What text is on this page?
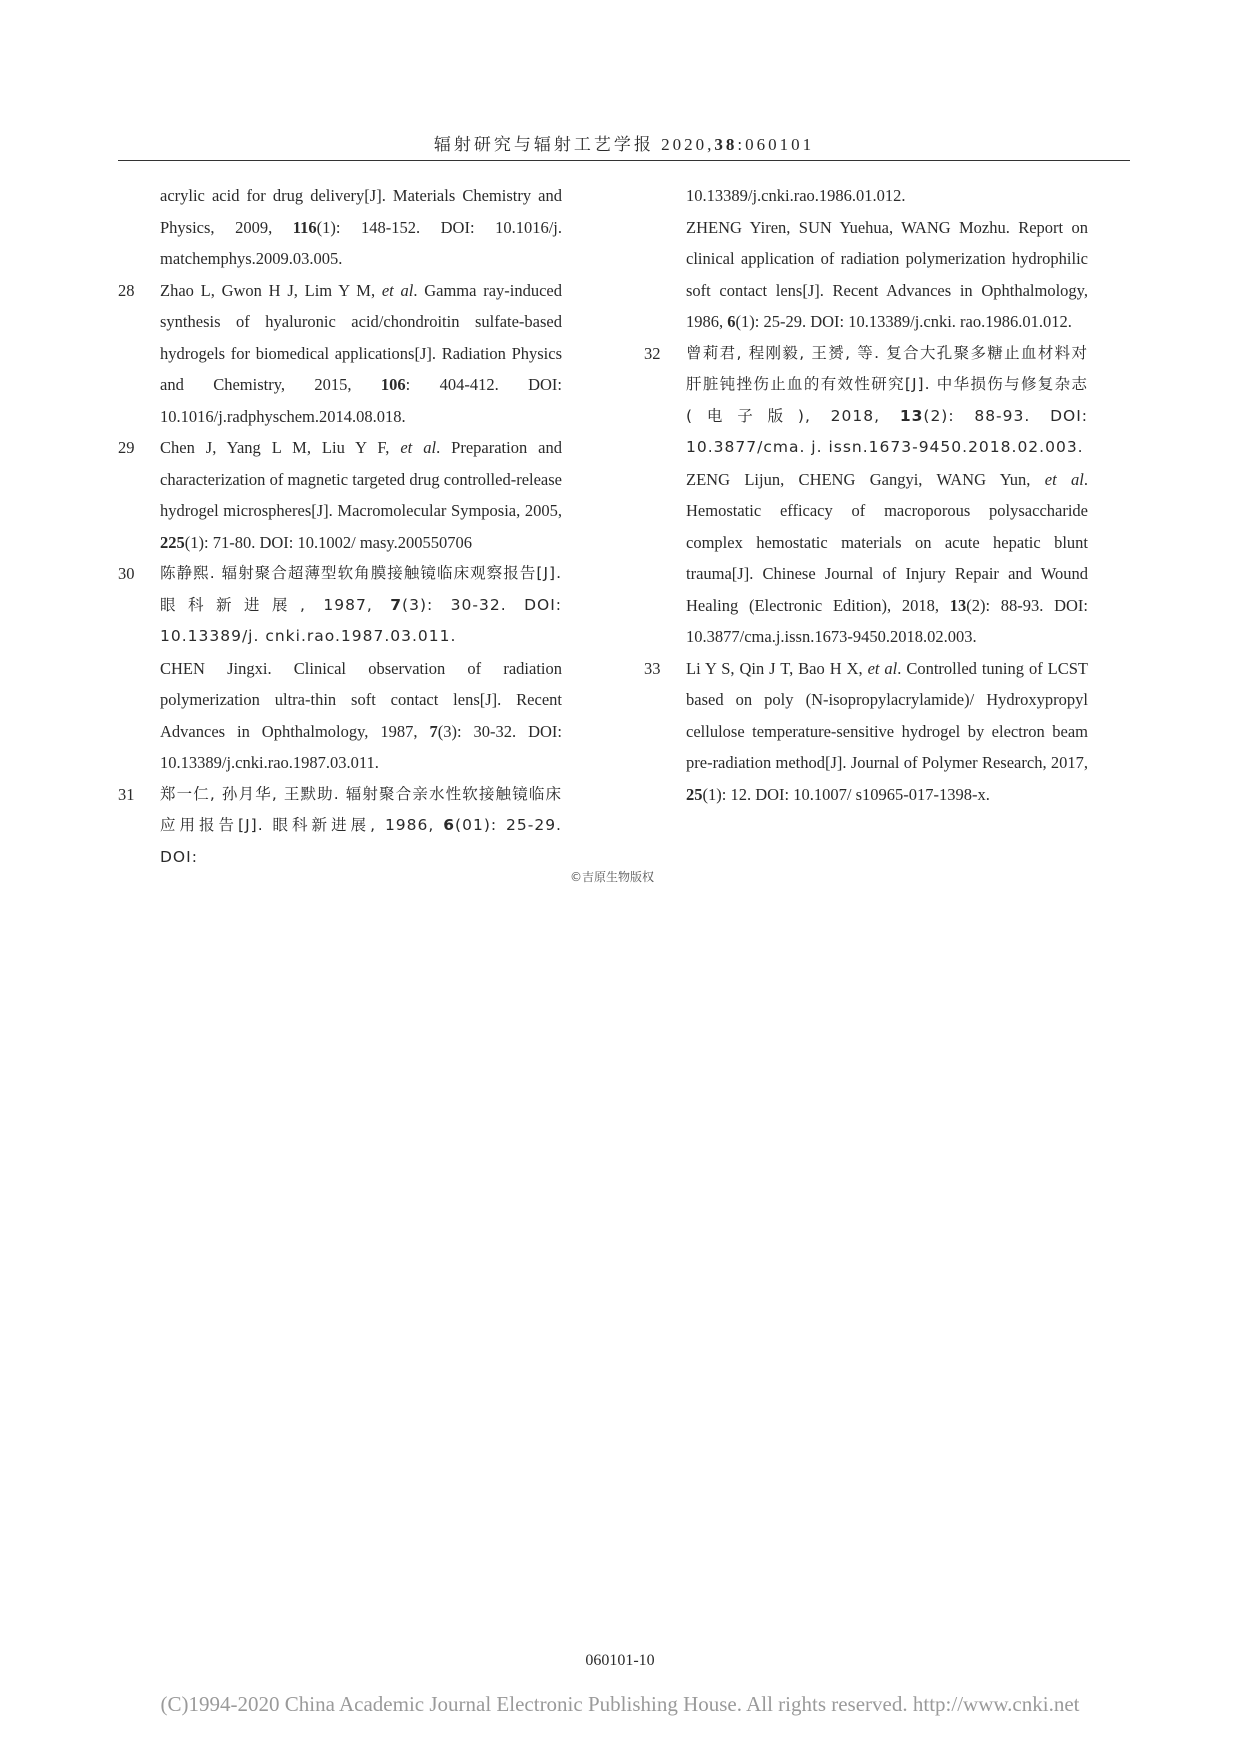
辐射研究与辐射工艺学报 2020,38:060101

acrylic acid for drug delivery[J]. Materials Chemistry and Physics, 2009, 116(1): 148-152. DOI: 10.1016/j. matchemphys.2009.03.005.

28 Zhao L, Gwon H J, Lim Y M, et al. Gamma ray-induced synthesis of hyaluronic acid/chondroitin sulfate-based hydrogels for biomedical applications[J]. Radiation Physics and Chemistry, 2015, 106: 404-412. DOI: 10.1016/j.radphyschem.2014.08.018.

29 Chen J, Yang L M, Liu Y F, et al. Preparation and characterization of magnetic targeted drug controlled-release hydrogel microspheres[J]. Macromolecular Symposia, 2005, 225(1): 71-80. DOI: 10.1002/ masy.200550706

30 陈静熙. 辐射聚合超薄型软角膜接触镜临床观察报告[J]. 眼科新进展, 1987, 7(3): 30-32. DOI: 10.13389/j. cnki.rao.1987.03.011.

CHEN Jingxi. Clinical observation of radiation polymerization ultra-thin soft contact lens[J]. Recent Advances in Ophthalmology, 1987, 7(3): 30-32. DOI: 10.13389/j.cnki.rao.1987.03.011.

31 郑一仁, 孙月华, 王默助. 辐射聚合亲水性软接触镜临床应用报告[J]. 眼科新进展, 1986, 6(01): 25-29. DOI:

10.13389/j.cnki.rao.1986.01.012.

ZHENG Yiren, SUN Yuehua, WANG Mozhu. Report on clinical application of radiation polymerization hydrophilic soft contact lens[J]. Recent Advances in Ophthalmology, 1986, 6(1): 25-29. DOI: 10.13389/j.cnki. rao.1986.01.012.

32 曾莉君, 程刚毅, 王赟, 等. 复合大孔聚多糖止血材料对肝脏钝挫伤止血的有效性研究[J]. 中华损伤与修复杂志(电子版), 2018, 13(2): 88-93. DOI: 10.3877/cma. j. issn.1673-9450.2018.02.003.

ZENG Lijun, CHENG Gangyi, WANG Yun, et al. Hemostatic efficacy of macroporous polysaccharide complex hemostatic materials on acute hepatic blunt trauma[J]. Chinese Journal of Injury Repair and Wound Healing (Electronic Edition), 2018, 13(2): 88-93. DOI: 10.3877/cma.j.issn.1673-9450.2018.02.003.

33 Li Y S, Qin J T, Bao H X, et al. Controlled tuning of LCST based on poly (N-isopropylacrylamide)/ Hydroxypropyl cellulose temperature-sensitive hydrogel by electron beam pre-radiation method[J]. Journal of Polymer Research, 2017, 25(1): 12. DOI: 10.1007/ s10965-017-1398-x.

©吉原生物版权
060101-10
(C)1994-2020 China Academic Journal Electronic Publishing House. All rights reserved. http://www.cnki.net
